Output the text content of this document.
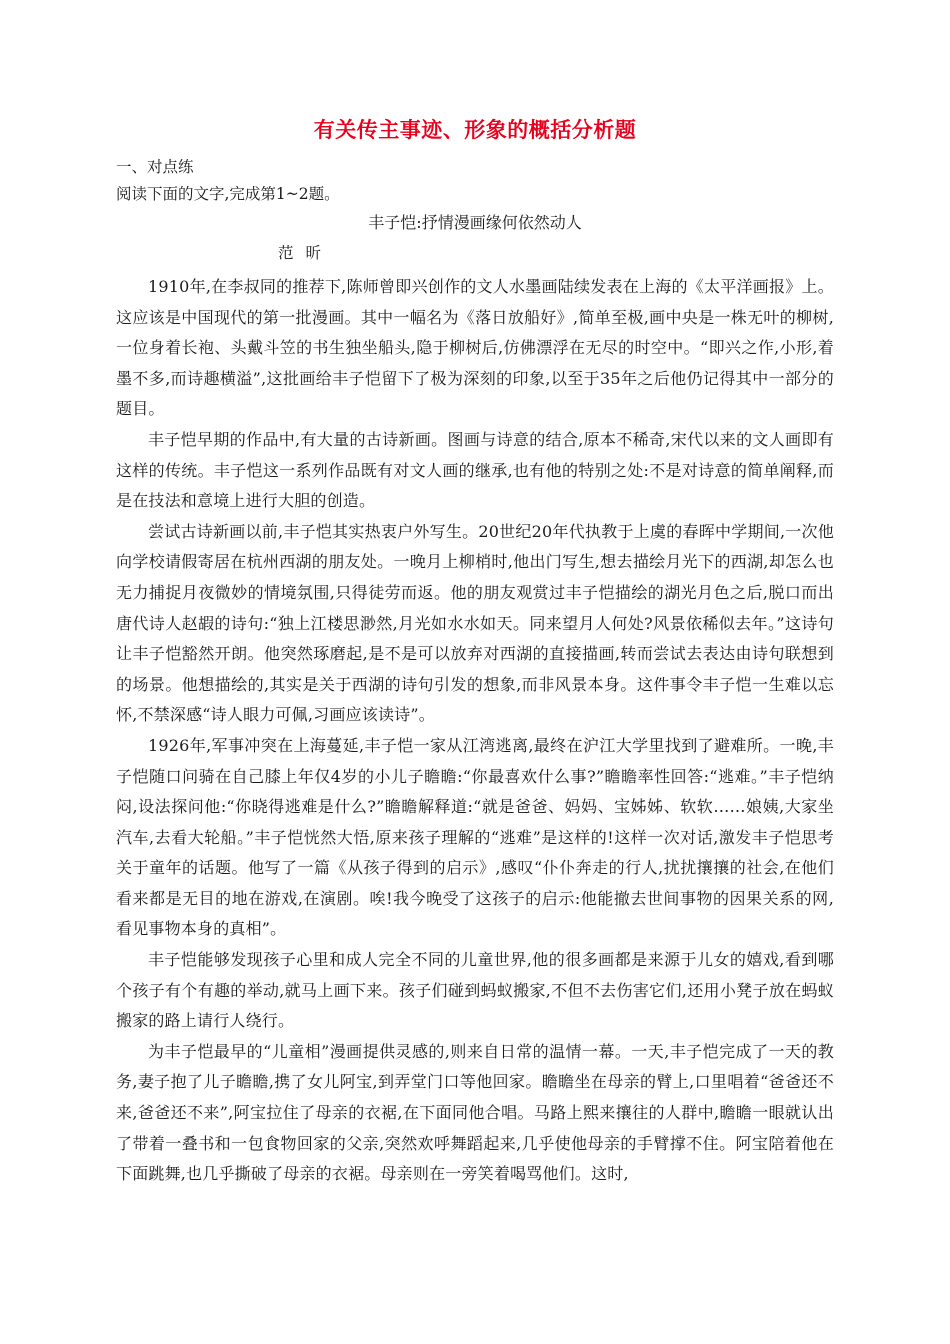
有关传主事迹、形象的概括分析题

一、对点练

阅读下面的文字,完成第1~2题。

丰子恺:抒情漫画缘何依然动人

范昕

1910年,在李叔同的推荐下,陈师曾即兴创作的文人水墨画陆续发表在上海的《太平洋画报》上。这应该是中国现代的第一批漫画。其中一幅名为《落日放船好》,简单至极,画中央是一株无叶的柳树,一位身着长袍、头戴斗笠的书生独坐船头,隐于柳树后,仿佛漂浮在无尽的时空中。“即兴之作,小形,着墨不多,而诗趣横溢”,这批画给丰子恺留下了极为深刻的印象,以至于35年之后他仍记得其中一部分的题目。

丰子恺早期的作品中,有大量的古诗新画。图画与诗意的结合,原本不稀奇,宋代以来的文人画即有这样的传统。丰子恺这一系列作品既有对文人画的继承,也有他的特别之处:不是对诗意的简单阐释,而是在技法和意境上进行大胆的创造。

尝试古诗新画以前,丰子恺其实热衷户外写生。20世纪20年代执教于上虞的春晖中学期间,一次他向学校请假寄居在杭州西湖的朋友处。一晚月上柳梢时,他出门写生,想去描绘月光下的西湖,却怎么也无力捕捉月夜微妙的情境氛围,只得徒劳而返。他的朋友观赏过丰子恺描绘的湖光月色之后,脱口而出唐代诗人赵嘏的诗句:“独上江楼思渺然,月光如水水如天。同来望月人何处?风景依稀似去年。”这诗句让丰子恺豁然开朗。他突然琢磨起,是不是可以放弃对西湖的直接描画,转而尝试去表达由诗句联想到的场景。他想描绘的,其实是关于西湖的诗句引发的想象,而非风景本身。这件事令丰子恺一生难以忘怀,不禁深感“诗人眼力可佩,习画应该读诗”。

1926年,军事冲突在上海蔓延,丰子恺一家从江湾逃离,最终在沪江大学里找到了避难所。一晚,丰子恺随口问骑在自己膝上年仅4岁的小儿子瞻瞻:“你最喜欢什么事?”瞻瞻率性回答:“逃难。”丰子恺纳闷,设法探问他:“你晓得逃难是什么?”瞻瞻解释道:“就是爸爸、妈妈、宝姊姊、软软……娘姨,大家坐汽车,去看大轮船。”丰子恺恍然大悟,原来孩子理解的“逃难”是这样的!这样一次对话,激发丰子恺思考关于童年的话题。他写了一篇《从孩子得到的启示》,感叹“仆仆奔走的行人,扰扰攘攘的社会,在他们看来都是无目的地在游戏,在演剧。唉!我今晚受了这孩子的启示:他能撤去世间事物的因果关系的网,看见事物本身的真相”。

丰子恺能够发现孩子心里和成人完全不同的儿童世界,他的很多画都是来源于儿女的嬉戏,看到哪个孩子有个有趣的举动,就马上画下来。孩子们碰到蚂蚁搬家,不但不去伤害它们,还用小凳子放在蚂蚁搬家的路上请行人绕行。

为丰子恺最早的“儿童相”漫画提供灵感的,则来自日常的温情一幕。一天,丰子恺完成了一天的教务,妻子抱了儿子瞻瞻,携了女儿阿宝,到弄堂门口等他回家。瞻瞻坐在母亲的臂上,口里唱着“爸爸还不来,爸爸还不来”,阿宝拉住了母亲的衣裾,在下面同他合唱。马路上熙来攘往的人群中,瞻瞻一眼就认出了带着一叠书和一包食物回家的父亲,突然欢呼舞蹈起来,几乎使他母亲的手臂撑不住。阿宝陪着他在下面跳舞,也几乎撕破了母亲的衣裾。母亲则在一旁笑着喝骂他们。这时,
